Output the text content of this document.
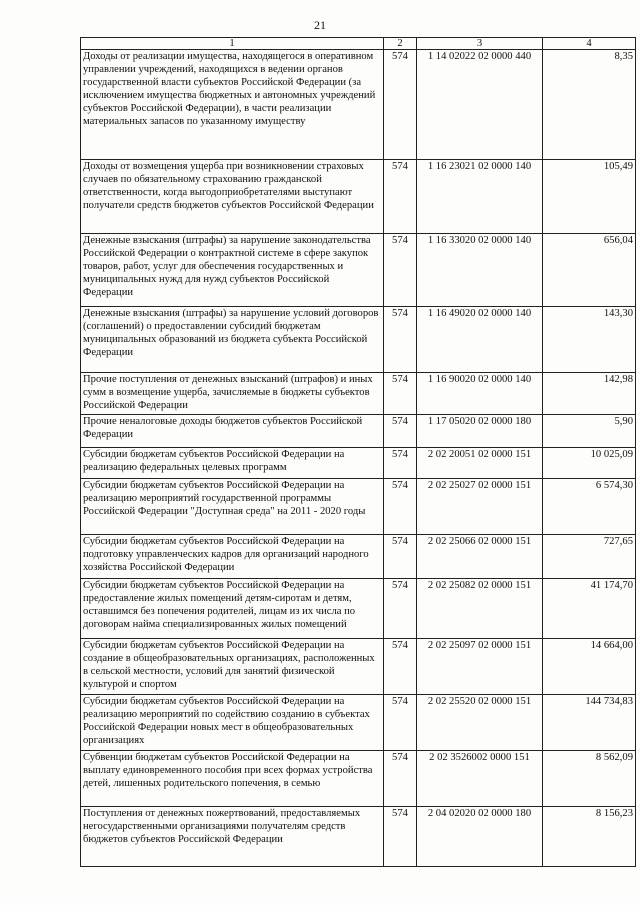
21
1	2	3	4
Доходы от реализации имущества, находящегося в оперативном управлении учреждений, находящихся в ведении органов государственной власти субъектов Российской Федерации (за исключением имущества бюджетных и автономных учреждений субъектов Российской Федерации), в части реализации материальных запасов по указанному имуществу	574	1 14 02022 02 0000 440	8,35
Доходы от возмещения ущерба при возникновении страховых случаев по обязательному страхованию гражданской ответственности, когда выгодоприобретателями выступают получатели средств бюджетов субъектов Российской Федерации	574	1 16 23021 02 0000 140	105,49
Денежные взыскания (штрафы) за нарушение законодательства Российской Федерации о контрактной системе в сфере закупок товаров, работ, услуг для обеспечения государственных и муниципальных нужд для нужд субъектов Российской Федерации	574	1 16 33020 02 0000 140	656,04
Денежные взыскания (штрафы) за нарушение условий договоров (соглашений) о предоставлении субсидий бюджетам муниципальных образований из бюджета субъекта Российской Федерации	574	1 16 49020 02 0000 140	143,30
Прочие поступления от денежных взысканий (штрафов) и иных сумм в возмещение ущерба, зачисляемые в бюджеты субъектов Российской Федерации	574	1 16 90020 02 0000 140	142,98
Прочие неналоговые доходы бюджетов субъектов Российской Федерации	574	1 17 05020 02 0000 180	5,90
Субсидии бюджетам субъектов Российской Федерации на реализацию федеральных целевых программ	574	2 02 20051 02 0000 151	10 025,09
Субсидии бюджетам субъектов Российской Федерации на реализацию мероприятий государственной программы Российской Федерации "Доступная среда" на 2011 - 2020 годы	574	2 02 25027 02 0000 151	6 574,30
Субсидии бюджетам субъектов Российской Федерации на подготовку управленческих кадров для организаций народного хозяйства Российской Федерации	574	2 02 25066 02 0000 151	727,65
Субсидии бюджетам субъектов Российской Федерации на предоставление жилых помещений детям-сиротам и детям, оставшимся без попечения родителей, лицам из их числа по договорам найма специализированных жилых помещений	574	2 02 25082 02 0000 151	41 174,70
Субсидии бюджетам субъектов Российской Федерации на создание в общеобразовательных организациях, расположенных в сельской местности, условий для занятий физической культурой и спортом	574	2 02 25097 02 0000 151	14 664,00
Субсидии бюджетам субъектов Российской Федерации на реализацию мероприятий по содействию созданию в субъектах Российской Федерации новых мест в общеобразовательных организациях	574	2 02 25520 02 0000 151	144 734,83
Субвенции бюджетам субъектов Российской Федерации на выплату единовременного пособия при всех формах устройства детей, лишенных родительского попечения, в семью	574	2 02 3526002 0000 151	8 562,09
Поступления от денежных пожертвований, предоставляемых негосударственными организациями получателям средств бюджетов субъектов Российской Федерации	574	2 04 02020 02 0000 180	8 156,23
